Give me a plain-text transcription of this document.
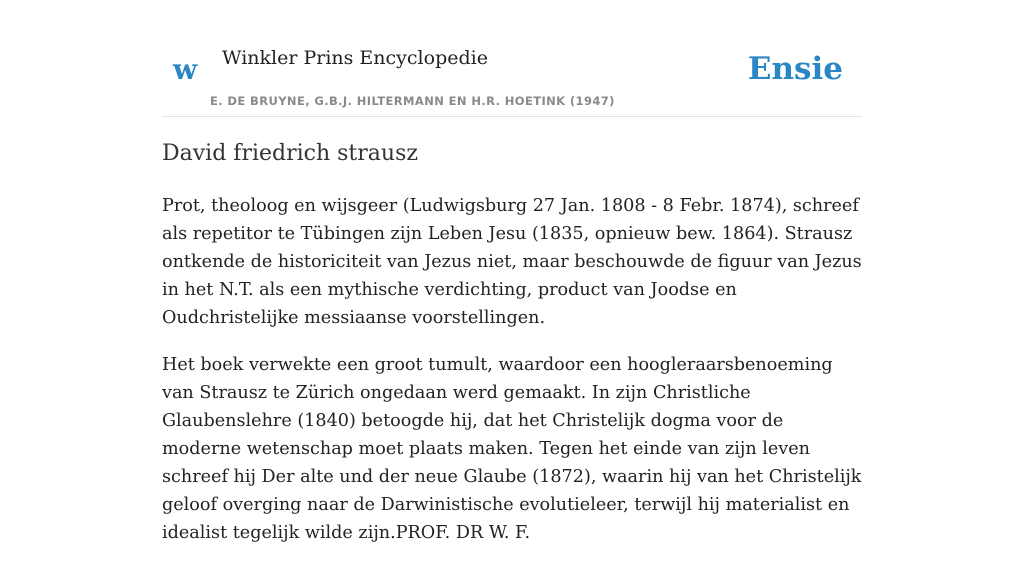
w Winkler Prins Encyclopedie
E. DE BRUYNE, G.B.J. HILTERMANN EN H.R. HOETINK (1947)
Ensie
David friedrich strausz

Prot, theoloog en wijsgeer (Ludwigsburg 27 Jan. 1808 - 8 Febr. 1874), schreef als repetitor te Tübingen zijn Leben Jesu (1835, opnieuw bew. 1864). Strausz ontkende de historiciteit van Jezus niet, maar beschouwde de figuur van Jezus in het N.T. als een mythische verdichting, product van Joodse en Oudchristelijke messiaanse voorstellingen.

Het boek verwekte een groot tumult, waardoor een hoogleraarsbenoeming van Strausz te Zürich ongedaan werd gemaakt. In zijn Christliche Glaubenslehre (1840) betoogde hij, dat het Christelijk dogma voor de moderne wetenschap moet plaats maken. Tegen het einde van zijn leven schreef hij Der alte und der neue Glaube (1872), waarin hij van het Christelijk geloof overging naar de Darwinistische evolutieleer, terwijl hij materialist en idealist tegelijk wilde zijn.PROF. DR W. F.
